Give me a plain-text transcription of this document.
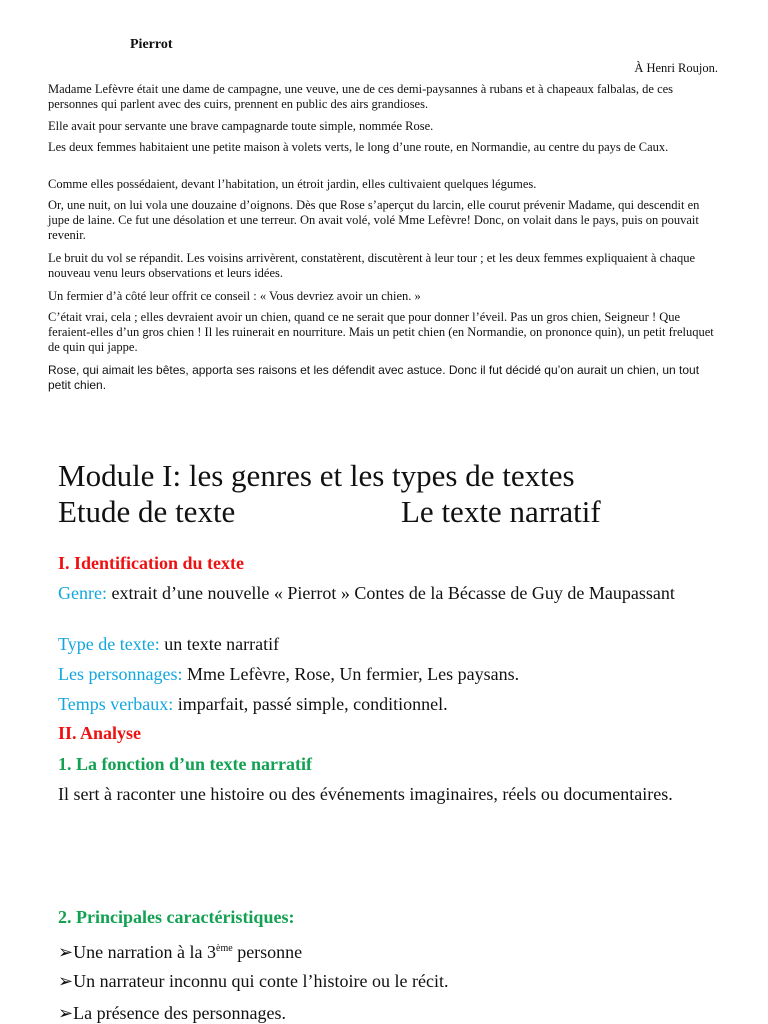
Pierrot
À Henri Roujon.

Madame Lefèvre était une dame de campagne, une veuve, une de ces demi-paysannes à rubans et à chapeaux falbalas, de ces personnes qui parlent avec des cuirs, prennent en public des airs grandioses.

Elle avait pour servante une brave campagnarde toute simple, nommée Rose.

Les deux femmes habitaient une petite maison à volets verts, le long d’une route, en Normandie, au centre du pays de Caux.

Comme elles possédaient, devant l’habitation, un étroit jardin, elles cultivaient quelques légumes.

Or, une nuit, on lui vola une douzaine d’oignons. Dès que Rose s’aperçut du larcin, elle courut prévenir Madame, qui descendit en jupe de laine. Ce fut une désolation et une terreur. On avait volé, volé Mme Lefèvre! Donc, on volait dans le pays, puis on pouvait revenir.

Le bruit du vol se répandit. Les voisins arrivèrent, constatèrent, discutèrent à leur tour ; et les deux femmes expliquaient à chaque nouveau venu leurs observations et leurs idées.

Un fermier d’à côté leur offrit ce conseil : « Vous devriez avoir un chien. »

C’était vrai, cela ; elles devraient avoir un chien, quand ce ne serait que pour donner l’éveil. Pas un gros chien, Seigneur ! Que feraient-elles d’un gros chien ! Il les ruinerait en nourriture. Mais un petit chien (en Normandie, on prononce quin), un petit freluquet de quin qui jappe.

Rose, qui aimait les bêtes, apporta ses raisons et les défendit avec astuce. Donc il fut décidé qu’on aurait un chien, un tout petit chien.

Module I: les genres et les types de textes
Etude de texte	Le texte narratif
I. Identification du texte
Genre: extrait d’une nouvelle « Pierrot » Contes de la Bécasse de Guy de Maupassant
Type de texte: un texte narratif
Les personnages: Mme Lefèvre, Rose, Un fermier, Les paysans.
Temps verbaux: imparfait, passé simple, conditionnel.
II. Analyse
1. La fonction d’un texte narratif
Il sert à raconter une histoire ou des événements imaginaires, réels ou documentaires.
2. Principales caractéristiques:
➢Une narration à la 3ème personne
➢Un narrateur inconnu qui conte l’histoire ou le récit.
➢La présence des personnages.
